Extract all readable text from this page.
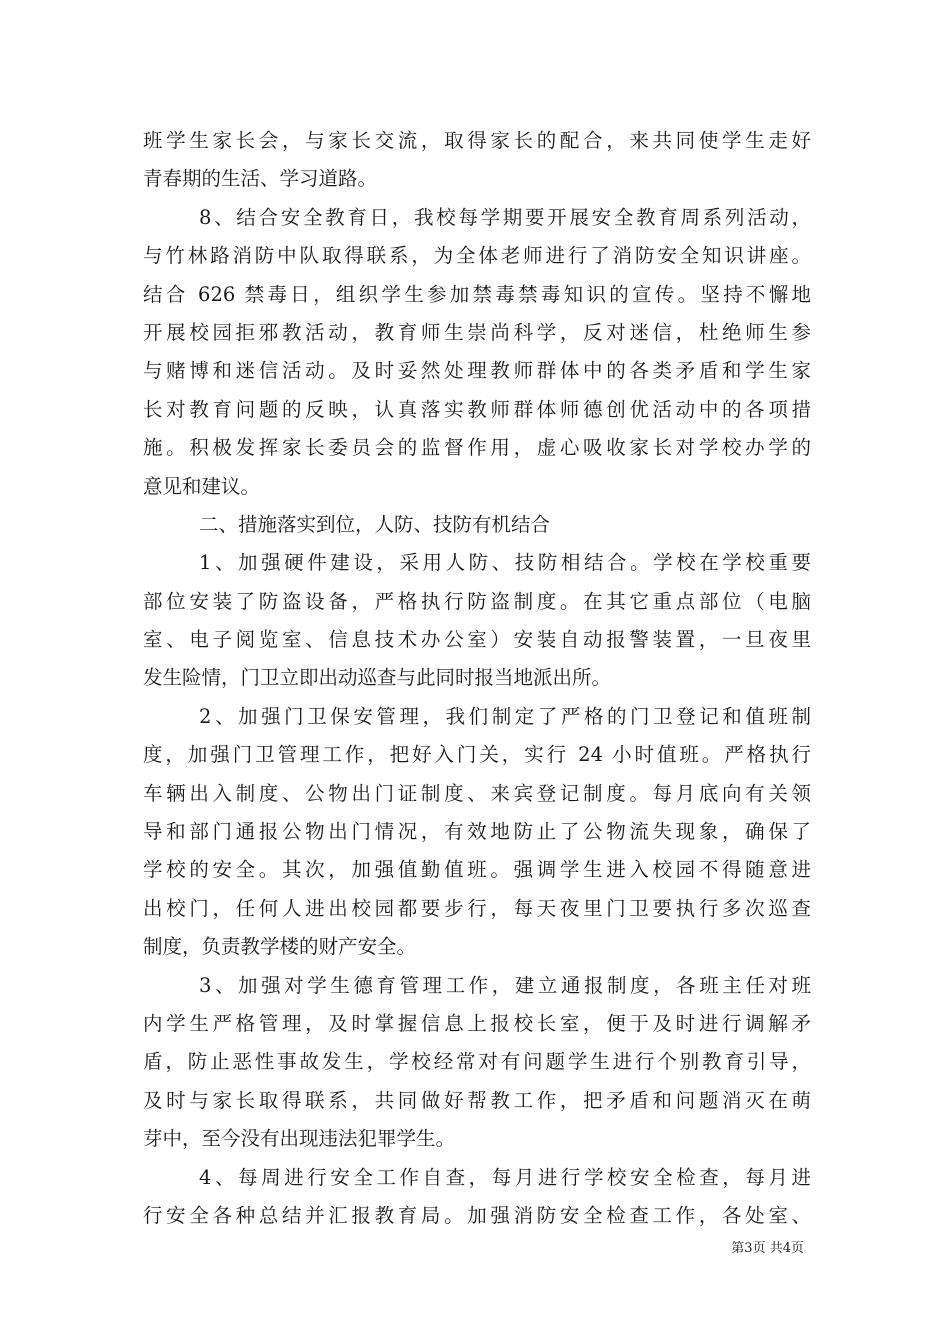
班学生家长会，与家长交流，取得家长的配合，来共同使学生走好
青春期的生活、学习道路。
8、结合安全教育日，我校每学期要开展安全教育周系列活动，
与竹林路消防中队取得联系，为全体老师进行了消防安全知识讲座。
结合 626 禁毒日，组织学生参加禁毒禁毒知识的宣传。坚持不懈地
开展校园拒邪教活动，教育师生崇尚科学，反对迷信，杜绝师生参
与赌博和迷信活动。及时妥然处理教师群体中的各类矛盾和学生家
长对教育问题的反映，认真落实教师群体师德创优活动中的各项措
施。积极发挥家长委员会的监督作用，虚心吸收家长对学校办学的
意见和建议。
二、措施落实到位，人防、技防有机结合
1、加强硬件建设，采用人防、技防相结合。学校在学校重要
部位安装了防盗设备，严格执行防盗制度。在其它重点部位（电脑
室、电子阅览室、信息技术办公室）安装自动报警装置，一旦夜里
发生险情，门卫立即出动巡查与此同时报当地派出所。
2、加强门卫保安管理，我们制定了严格的门卫登记和值班制
度，加强门卫管理工作，把好入门关，实行 24 小时值班。严格执行
车辆出入制度、公物出门证制度、来宾登记制度。每月底向有关领
导和部门通报公物出门情况，有效地防止了公物流失现象，确保了
学校的安全。其次，加强值勤值班。强调学生进入校园不得随意进
出校门，任何人进出校园都要步行，每天夜里门卫要执行多次巡查
制度，负责教学楼的财产安全。
3、加强对学生德育管理工作，建立通报制度，各班主任对班
内学生严格管理，及时掌握信息上报校长室，便于及时进行调解矛
盾，防止恶性事故发生，学校经常对有问题学生进行个别教育引导，
及时与家长取得联系，共同做好帮教工作，把矛盾和问题消灭在萌
芽中，至今没有出现违法犯罪学生。
4、每周进行安全工作自查，每月进行学校安全检查，每月进
行安全各种总结并汇报教育局。加强消防安全检查工作，各处室、
第3页 共4页
